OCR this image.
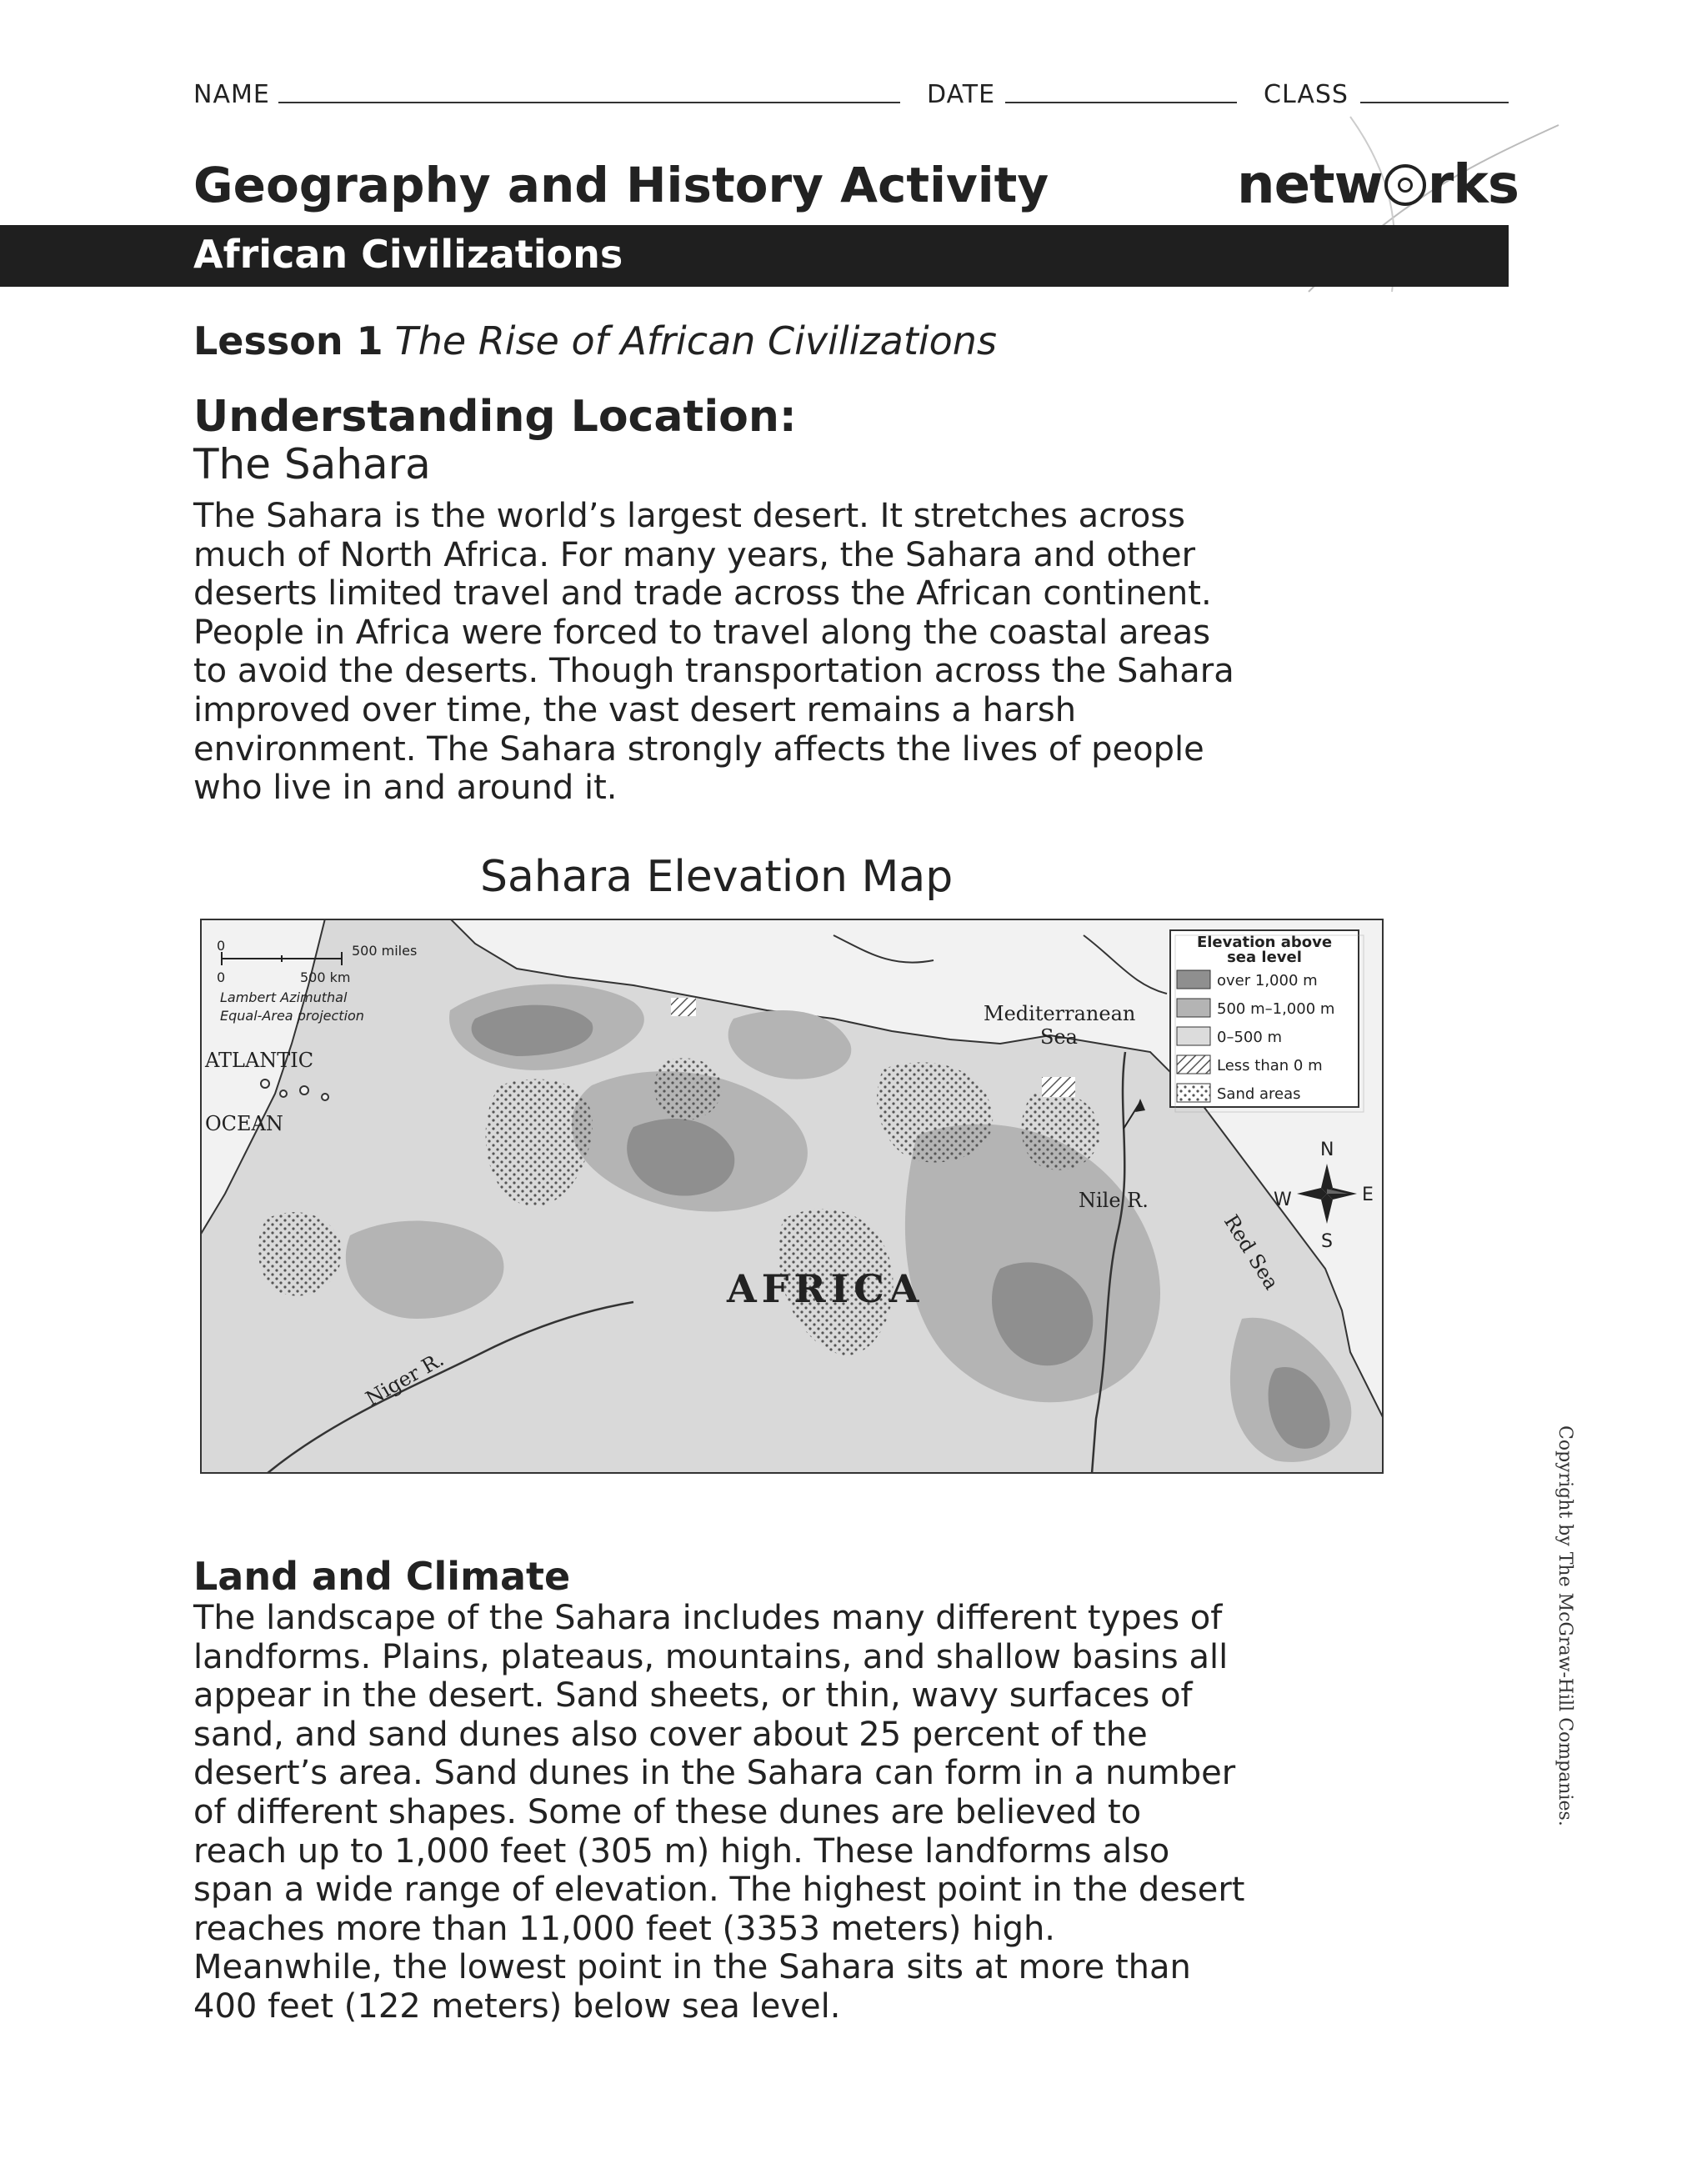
NAME	DATE	CLASS
Geography and History Activity	netw rks
African Civilizations
Lesson 1 The Rise of African Civilizations
Understanding Location:
The Sahara

The Sahara is the world’s largest desert. It stretches across

much of North Africa. For many years, the Sahara and other

deserts limited travel and trade across the African continent.

People in Africa were forced to travel along the coastal areas

to avoid the deserts. Though transportation across the Sahara

improved over time, the vast desert remains a harsh

environment. The Sahara strongly affects the lives of people

who live in and around it.

Sahara Elevation Map
0	500 miles
0	500 km
Lambert Azimuthal
Equal-Area projection
ATLANTIC
OCEAN
Mediterranean
Sea
Nile R.
Niger R.
Red Sea
AFRICA
N
S
E
W
Elevation above
sea level
over 1,000 m
500 m–1,000 m
0–500 m
Less than 0 m
Sand areas
Land and Climate

The landscape of the Sahara includes many different types of

landforms. Plains, plateaus, mountains, and shallow basins all

appear in the desert. Sand sheets, or thin, wavy surfaces of

sand, and sand dunes also cover about 25 percent of the

desert’s area. Sand dunes in the Sahara can form in a number

of different shapes. Some of these dunes are believed to

reach up to 1,000 feet (305 m) high. These landforms also

span a wide range of elevation. The highest point in the desert

reaches more than 11,000 feet (3353 meters) high.

Meanwhile, the lowest point in the Sahara sits at more than

400 feet (122 meters) below sea level.

Copyright by The McGraw-Hill Companies.
